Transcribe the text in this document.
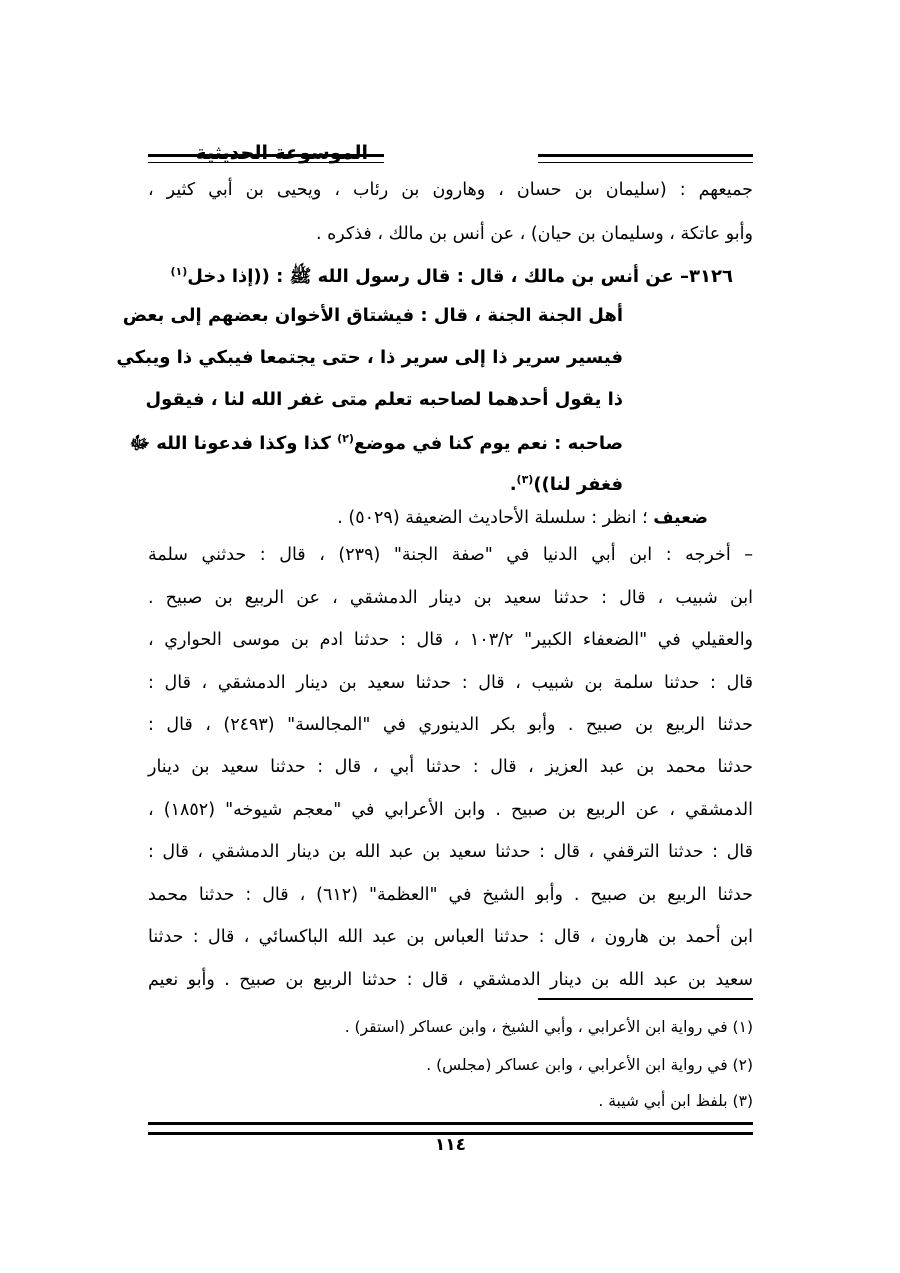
الموسوعة الحديثية
جميعهم : (سليمان بن حسان ، وهارون بن رئاب ، ويحيى بن أبي كثير ،
وأبو عاتكة ، وسليمان بن حيان) ، عن أنس بن مالك ، فذكره .
٣١٢٦– عن أنس بن مالك ، قال : قال رسول الله ﷺ : ((إذا دخل$^{(١)}$
أهل الجنة الجنة ، قال : فيشتاق الأخوان بعضهم إلى بعض
فيسير سرير ذا إلى سرير ذا ، حتى يجتمعا فيبكي ذا ويبكي
ذا يقول أحدهما لصاحبه تعلم متى غفر الله لنا ، فيقول
صاحبه : نعم يوم كنا في موضع$^{(٢)}$ كذا وكذا فدعونا الله ﷻ
فغفر لنا))$^{(٣)}$.
ضعيف ؛ انظر : سلسلة الأحاديث الضعيفة (٥٠٢٩) .
– أخرجه : ابن أبي الدنيا في "صفة الجنة" (٢٣٩) ، قال : حدثني سلمة
ابن شبيب ، قال : حدثنا سعيد بن دينار الدمشقي ، عن الربيع بن صبيح .
والعقيلي في "الضعفاء الكبير" ١٠٣/٢ ، قال : حدثنا ادم بن موسى الحواري ،
قال : حدثنا سلمة بن شبيب ، قال : حدثنا سعيد بن دينار الدمشقي ، قال :
حدثنا الربيع بن صبيح . وأبو بكر الدينوري في "المجالسة" (٢٤٩٣) ، قال :
حدثنا محمد بن عبد العزيز ، قال : حدثنا أبي ، قال : حدثنا سعيد بن دينار
الدمشقي ، عن الربيع بن صبيح . وابن الأعرابي في "معجم شيوخه" (١٨٥٢) ،
قال : حدثنا الترقفي ، قال : حدثنا سعيد بن عبد الله بن دينار الدمشقي ، قال :
حدثنا الربيع بن صبيح . وأبو الشيخ في "العظمة" (٦١٢) ، قال : حدثنا محمد
ابن أحمد بن هارون ، قال : حدثنا العباس بن عبد الله الباكسائي ، قال : حدثنا
سعيد بن عبد الله بن دينار الدمشقي ، قال : حدثنا الربيع بن صبيح . وأبو نعيم
(١) في رواية ابن الأعرابي ، وأبي الشيخ ، وابن عساكر (استقر) .
(٢) في رواية ابن الأعرابي ، وابن عساكر (مجلس) .
(٣) بلفظ ابن أبي شيبة .
١١٤
